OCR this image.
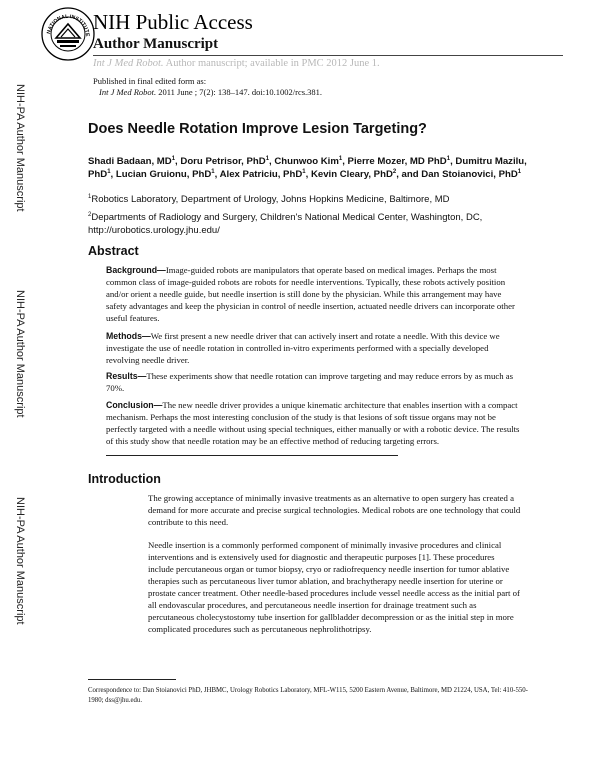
NATIONAL INSTITUTE
NIH Public Access
Author Manuscript
Int J Med Robot. Author manuscript; available in PMC 2012 June 1.
Published in final edited form as:
Int J Med Robot. 2011 June ; 7(2): 138–147. doi:10.1002/rcs.381.
NIH-PA Author Manuscript
NIH-PA Author Manuscript
NIH-PA Author Manuscript
Does Needle Rotation Improve Lesion Targeting?
Shadi Badaan, $MD^1$, Doru Petrisor, PhD$^1$, Chunwoo Kim$^1$, Pierre Mozer, MD PhD$^1$, Dumitru Mazilu, PhD$^1$, Lucian Gruionu, PhD$^1$, Alex Patriciu, PhD$^1$, Kevin Cleary, PhD$^2$, and Dan Stoianovici, PhD$^1$
$^1$Robotics Laboratory, Department of Urology, Johns Hopkins Medicine, Baltimore, MD
$^2$Departments of Radiology and Surgery, Children's National Medical Center, Washington, DC, http://urobotics.urology.jhu.edu/
Abstract
Background—Image-guided robots are manipulators that operate based on medical images. Perhaps the most common class of image-guided robots are robots for needle interventions. Typically, these robots actively position and/or orient a needle guide, but needle insertion is still done by the physician. While this arrangement may have safety advantages and keep the physician in control of needle insertion, actuated needle drivers can incorporate other useful features.
Methods—We first present a new needle driver that can actively insert and rotate a needle. With this device we investigate the use of needle rotation in controlled in-vitro experiments performed with a specially developed revolving needle driver.
Results—These experiments show that needle rotation can improve targeting and may reduce errors by as much as 70%.
Conclusion—The new needle driver provides a unique kinematic architecture that enables insertion with a compact mechanism. Perhaps the most interesting conclusion of the study is that lesions of soft tissue organs may not be perfectly targeted with a needle without using special techniques, either manually or with a robotic device. The results of this study show that needle rotation may be an effective method of reducing targeting errors.
Introduction
The growing acceptance of minimally invasive treatments as an alternative to open surgery has created a demand for more accurate and precise surgical technologies. Medical robots are one technology that could contribute to this need.
Needle insertion is a commonly performed component of minimally invasive procedures and clinical interventions and is extensively used for diagnostic and therapeutic purposes [1]. These procedures include percutaneous organ or tumor biopsy, cryo or radiofrequency needle insertion for tumor ablative therapies such as percutaneous liver tumor ablation, and brachytherapy needle insertion for uterine or prostate cancer treatment. Other needle-based procedures include vessel needle access as the initial part of all endovascular procedures, and percutaneous needle insertion for drainage treatment such as percutaneous cholecystostomy tube insertion for gallbladder decompression or as the initial step in more complicated procedures such as percutaneous nephrolithotripsy.
Correspondence to: Dan Stoianovici PhD, JHBMC, Urology Robotics Laboratory, MFL-W115, 5200 Eastern Avenue, Baltimore, MD 21224, USA, Tel: 410-550-1980; dss@jhu.edu.
